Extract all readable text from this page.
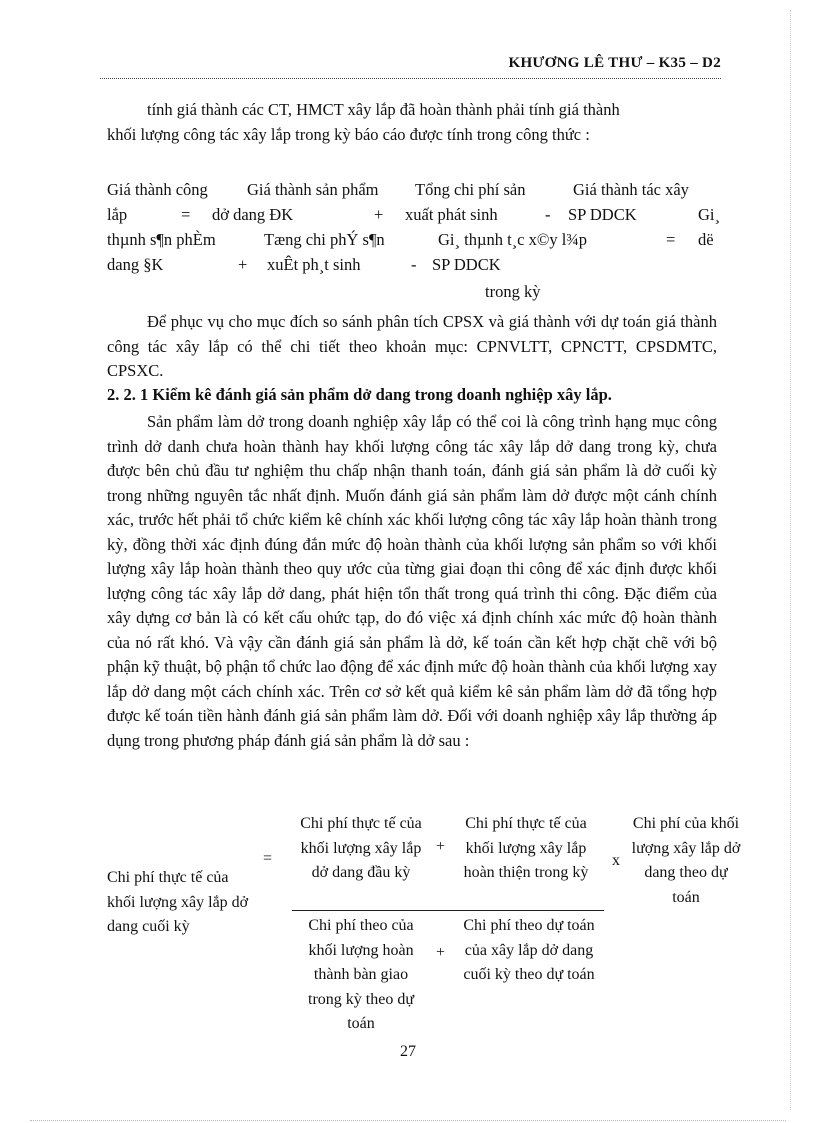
KHƯƠNG LÊ THƯ – K35 – D2
tính giá thành các CT, HMCT xây lắp đã hoàn thành phải tính giá thành
khối lượng công tác xây lắp trong kỳ báo cáo được tính trong công thức :
Giá thành công Giá thành sản phẩm Tổng chi phí sản	Giá thành tác xây
lắp	= dở dang ĐK	+ xuất phát sinh	- SP DDCK	Gi¸
thµnh s¶n phÈm	Tæng chi phÝ s¶n	Gi¸ thµnh t¸c x©y l¾p	= dë
dang §K	+ xuÊt ph¸t sinh	- SP DDCK
trong kỳ

Để phục vụ cho mục đích so sánh phân tích CPSX và giá thành với dự toán giá thành công tác xây lắp có thể chi tiết theo khoản mục: CPNVLTT, CPNCTT, CPSDMTC, CPSXC.

2. 2. 1 Kiểm kê đánh giá sản phẩm dở dang trong doanh nghiệp xây lắp.

Sản phẩm làm dở trong doanh nghiệp xây lắp có thể coi là công trình hạng mục công trình dở danh chưa hoàn thành hay khối lượng công tác xây lắp dở dang trong kỳ, chưa được bên chủ đầu tư nghiệm thu chấp nhận thanh toán, đánh giá sản phẩm là dở cuối kỳ trong những nguyên tắc nhất định. Muốn đánh giá sản phẩm làm dở được một cánh chính xác, trước hết phải tổ chức kiểm kê chính xác khối lượng công tác xây lắp hoàn thành trong kỳ, đồng thời xác định đúng đắn mức độ hoàn thành của khối lượng sản phẩm so với khối lượng xây lắp hoàn thành theo quy ước của từng giai đoạn thi công để xác định được khối lượng công tác xây lắp dở dang, phát hiện tổn thất trong quá trình thi công. Đặc điểm của xây dựng cơ bản là có kết cấu ohức tạp, do đó việc xá định chính xác mức độ hoàn thành của nó rất khó. Và vậy cần đánh giá sản phẩm là dở, kế toán cần kết hợp chặt chẽ với bộ phận kỹ thuật, bộ phận tổ chức lao động để xác định mức độ hoàn thành của khối lượng xay lắp dở dang một cách chính xác. Trên cơ sở kết quả kiểm kê sản phẩm làm dở đã tổng hợp được kế toán tiền hành đánh giá sản phẩm làm dở. Đối với doanh nghiệp xây lắp thường áp dụng trong phương pháp đánh giá sản phẩm là dở sau :

Chi phí thực tế của khối lượng xây lắp dở dang cuối kỳ
=
Chi phí thực tế của khối lượng xây lắp dở dang đầu kỳ
+
Chi phí thực tế của khối lượng xây lắp hoàn thiện trong kỳ
Chi phí theo của khối lượng hoàn thành bàn giao trong kỳ theo dự toán
+
Chi phí theo dự toán của xây lắp dở dang cuối kỳ theo dự toán
x
Chi phí của khối lượng xây lắp dở dang theo dự toán
27
